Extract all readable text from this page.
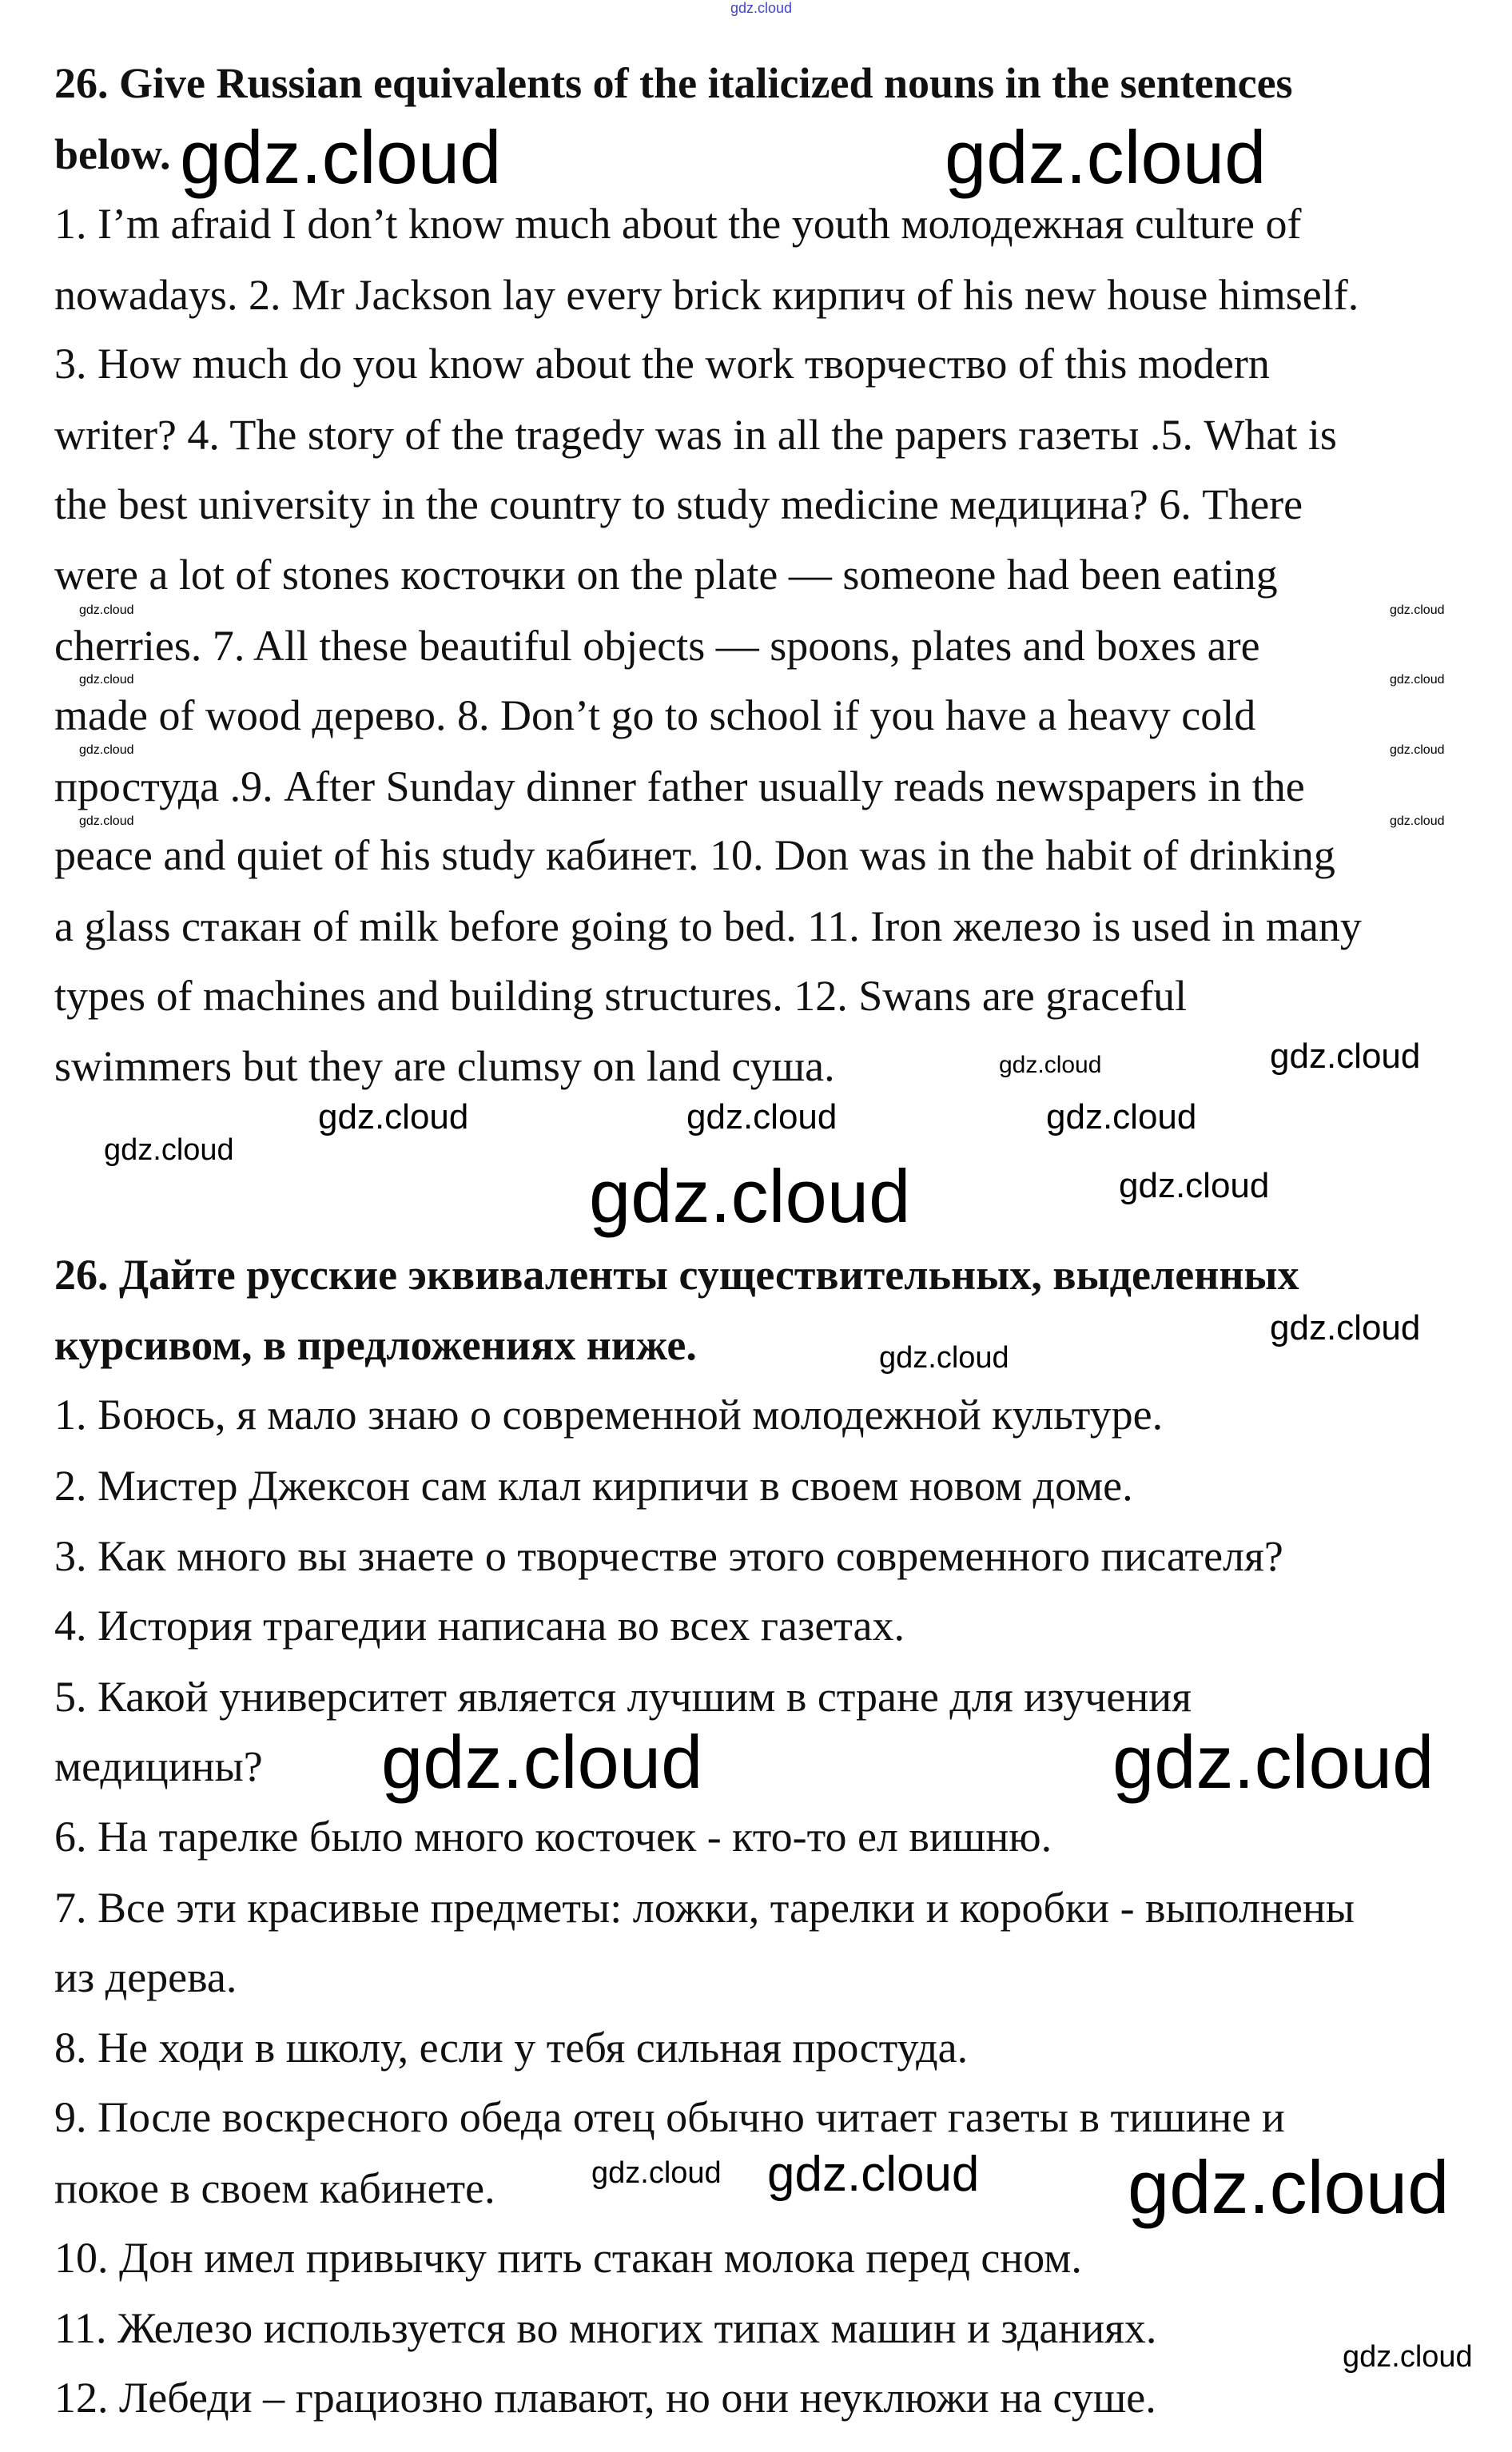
26. Give Russian equivalents of the italicized nouns in the sentences
below.
1. I’m afraid I don’t know much about the youth молодежная culture of
nowadays. 2. Mr Jackson lay every brick кирпич of his new house himself.
3. How much do you know about the work творчество of this modern
writer? 4. The story of the tragedy was in all the papers газеты .5. What is
the best university in the country to study medicine медицина? 6. There
were a lot of stones косточки on the plate — someone had been eating
cherries. 7. All these beautiful objects — spoons, plates and boxes are
made of wood дерево. 8. Don’t go to school if you have a heavy cold
простуда .9. After Sunday dinner father usually reads newspapers in the
peace and quiet of his study кабинет. 10. Don was in the habit of drinking
a glass стакан of milk before going to bed. 11. Iron железо is used in many
types of machines and building structures. 12. Swans are graceful
swimmers but they are clumsy on land суша.
26. Дайте русские эквиваленты существительных, выделенных
курсивом, в предложениях ниже.
1. Боюсь, я мало знаю о современной молодежной культуре.
2. Мистер Джексон сам клал кирпичи в своем новом доме.
3. Как много вы знаете о творчестве этого современного писателя?
4. История трагедии написана во всех газетах.
5. Какой университет является лучшим в стране для изучения
медицины?
6. На тарелке было много косточек - кто-то ел вишню.
7. Все эти красивые предметы: ложки, тарелки и коробки - выполнены
из дерева.
8. Не ходи в школу, если у тебя сильная простуда.
9. После воскресного обеда отец обычно читает газеты в тишине и
покое в своем кабинете.
10. Дон имел привычку пить стакан молока перед сном.
11. Железо используется во многих типах машин и зданиях.
12. Лебеди – грациозно плавают, но они неуклюжи на суше.
gdz.cloud
gdz.cloud	gdz.cloud
gdz.cloud
gdz.cloud
gdz.cloud
gdz.cloud
gdz.cloud
gdz.cloud
gdz.cloud
gdz.cloud
gdz.cloud	gdz.cloud	gdz.cloud
gdz.cloud
gdz.cloud	gdz.cloud
gdz.cloud
gdz.cloud
gdz.cloud
gdz.cloud
gdz.cloud	gdz.cloud
gdz.cloud gdz.cloud gdz.cloud
gdz.cloud
